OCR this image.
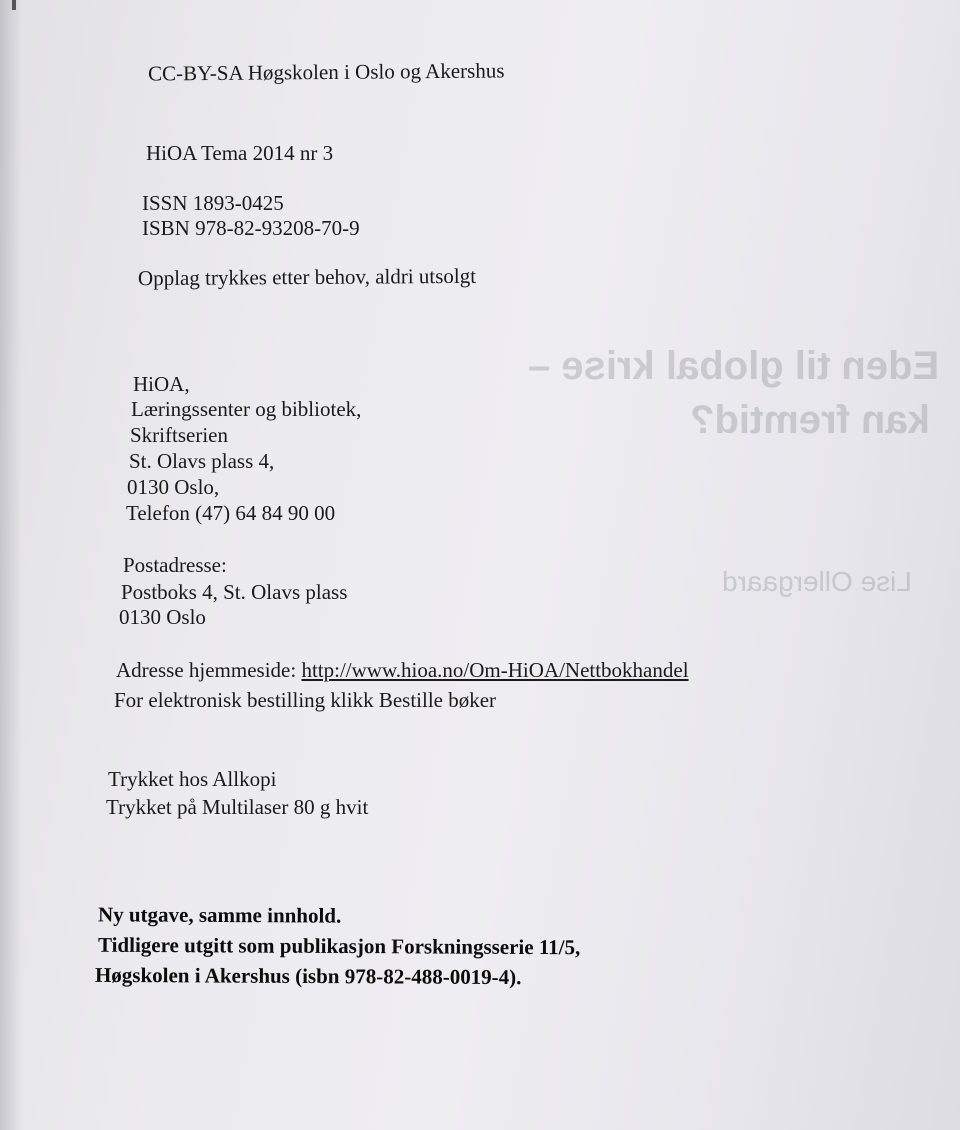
Eden til global krise –
kan fremtid?
Lise Ollergaard

CC-BY-SA Høgskolen i Oslo og Akershus

HiOA Tema 2014 nr 3

ISSN 1893-0425

ISBN 978-82-93208-70-9

Opplag trykkes etter behov, aldri utsolgt

HiOA,

Læringssenter og bibliotek,

Skriftserien

St. Olavs plass 4,

0130 Oslo,

Telefon (47) 64 84 90 00

Postadresse:

Postboks 4, St. Olavs plass

0130 Oslo

Adresse hjemmeside: http://www.hioa.no/Om-HiOA/Nettbokhandel

For elektronisk bestilling klikk Bestille bøker

Trykket hos Allkopi

Trykket på Multilaser 80 g hvit

Ny utgave, samme innhold.

Tidligere utgitt som publikasjon Forskningsserie 11/5,

Høgskolen i Akershus (isbn 978-82-488-0019-4).
